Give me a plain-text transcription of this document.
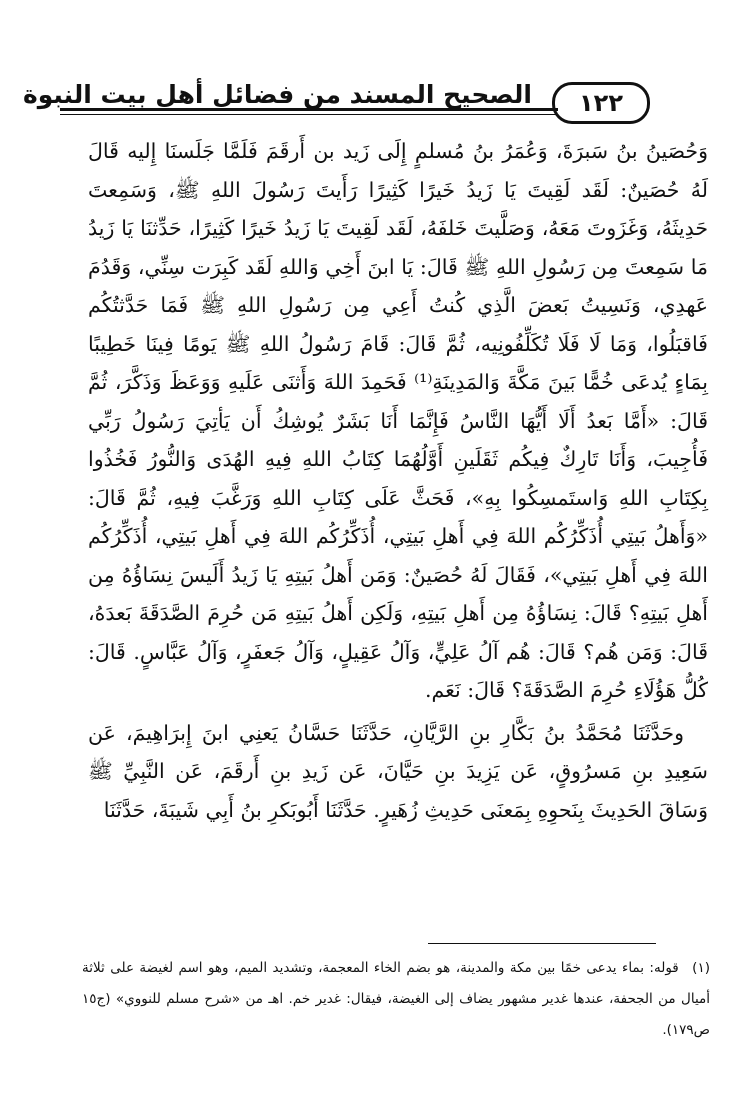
١٢٢
الصحيح المسند من فضائل أهل بيت النبوة

وَحُصَينُ بنُ سَبرَةَ، وَعُمَرُ بنُ مُسلمٍ إِلَى زَيد بن أَرقَمَ فَلَمَّا جَلَسنَا إِليه قَالَ لَهُ حُصَينٌ: لَقَد لَقِيتَ يَا زَيدُ خَيرًا كَثِيرًا رَأَيتَ رَسُولَ اللهِ ﷺ، وَسَمِعتَ حَدِيثَهُ، وَغَزَوتَ مَعَهُ، وَصَلَّيتَ خَلفَهُ، لَقَد لَقِيتَ يَا زَيدُ خَيرًا كَثِيرًا، حَدِّثنَا يَا زَيدُ مَا سَمِعتَ مِن رَسُولِ اللهِ ﷺ قَالَ: يَا ابنَ أَخِي وَاللهِ لَقَد كَبِرَت سِنِّي، وَقَدُمَ عَهدِي، وَنَسِيتُ بَعضَ الَّذِي كُنتُ أَعِي مِن رَسُولِ اللهِ ﷺ فَمَا حَدَّثتُكُم فَاقبَلُوا، وَمَا لَا فَلَا تُكَلِّفُونِيه، ثُمَّ قَالَ: قَامَ رَسُولُ اللهِ ﷺ يَومًا فِينَا خَطِيبًا بِمَاءٍ يُدعَى خُمًّا بَينَ مَكَّةَ وَالمَدِينَةِ⁽¹⁾ فَحَمِدَ اللهَ وَأَثنَى عَلَيهِ وَوَعَظَ وَذَكَّرَ، ثُمَّ قَالَ: «أَمَّا بَعدُ أَلَا أَيُّهَا النَّاسُ فَإِنَّمَا أَنَا بَشَرٌ يُوشِكُ أَن يَأتِيَ رَسُولُ رَبِّي فَأُجِيبَ، وَأَنَا تَارِكٌ فِيكُم ثَقَلَينِ أَوَّلُهُمَا كِتَابُ اللهِ فِيهِ الهُدَى وَالنُّورُ فَخُذُوا بِكِتَابِ اللهِ وَاستَمسِكُوا بِهِ»، فَحَثَّ عَلَى كِتَابِ اللهِ وَرَغَّبَ فِيهِ، ثُمَّ قَالَ: «وَأَهلُ بَيتِي أُذَكِّرُكُم اللهَ فِي أَهلِ بَيتِي، أُذَكِّرُكُم اللهَ فِي أَهلِ بَيتِي، أُذَكِّرُكُم اللهَ فِي أَهلِ بَيتِي»، فَقَالَ لَهُ حُصَينٌ: وَمَن أَهلُ بَيتِهِ يَا زَيدُ أَلَيسَ نِسَاؤُهُ مِن أَهلِ بَيتِهِ؟ قَالَ: نِسَاؤُهُ مِن أَهلِ بَيتِهِ، وَلَكِن أَهلُ بَيتِهِ مَن حُرِمَ الصَّدَقَةَ بَعدَهُ، قَالَ: وَمَن هُم؟ قَالَ: هُم آلُ عَلِيٍّ، وَآلُ عَقِيلٍ، وَآلُ جَعفَرٍ، وَآلُ عَبَّاسٍ. قَالَ: كُلُّ هَؤُلَاءِ حُرِمَ الصَّدَقَةَ؟ قَالَ: نَعَم.

وحَدَّثَنَا مُحَمَّدُ بنُ بَكَّارِ بنِ الرَّيَّانِ، حَدَّثَنَا حَسَّانُ يَعنِي ابنَ إِبرَاهِيمَ، عَن سَعِيدِ بنِ مَسرُوقٍ، عَن يَزِيدَ بنِ حَيَّانَ، عَن زَيدِ بنِ أَرقَمَ، عَن النَّبِيِّ ﷺ وَسَاقَ الحَدِيثَ بِنَحوِهِ بِمَعنَى حَدِيثِ زُهَيرٍ. حَدَّثَنَا أَبُوبَكرِ بنُ أَبِي شَيبَةَ، حَدَّثَنَا

(١) قوله: بماء يدعى خمًا بين مكة والمدينة، هو بضم الخاء المعجمة، وتشديد الميم، وهو اسم لغيضة على ثلاثة أميال من الجحفة، عندها غدير مشهور يضاف إلى الغيضة، فيقال: غدير خم. اهـ من «شرح مسلم للنووي» (ج١٥ ص١٧٩).
